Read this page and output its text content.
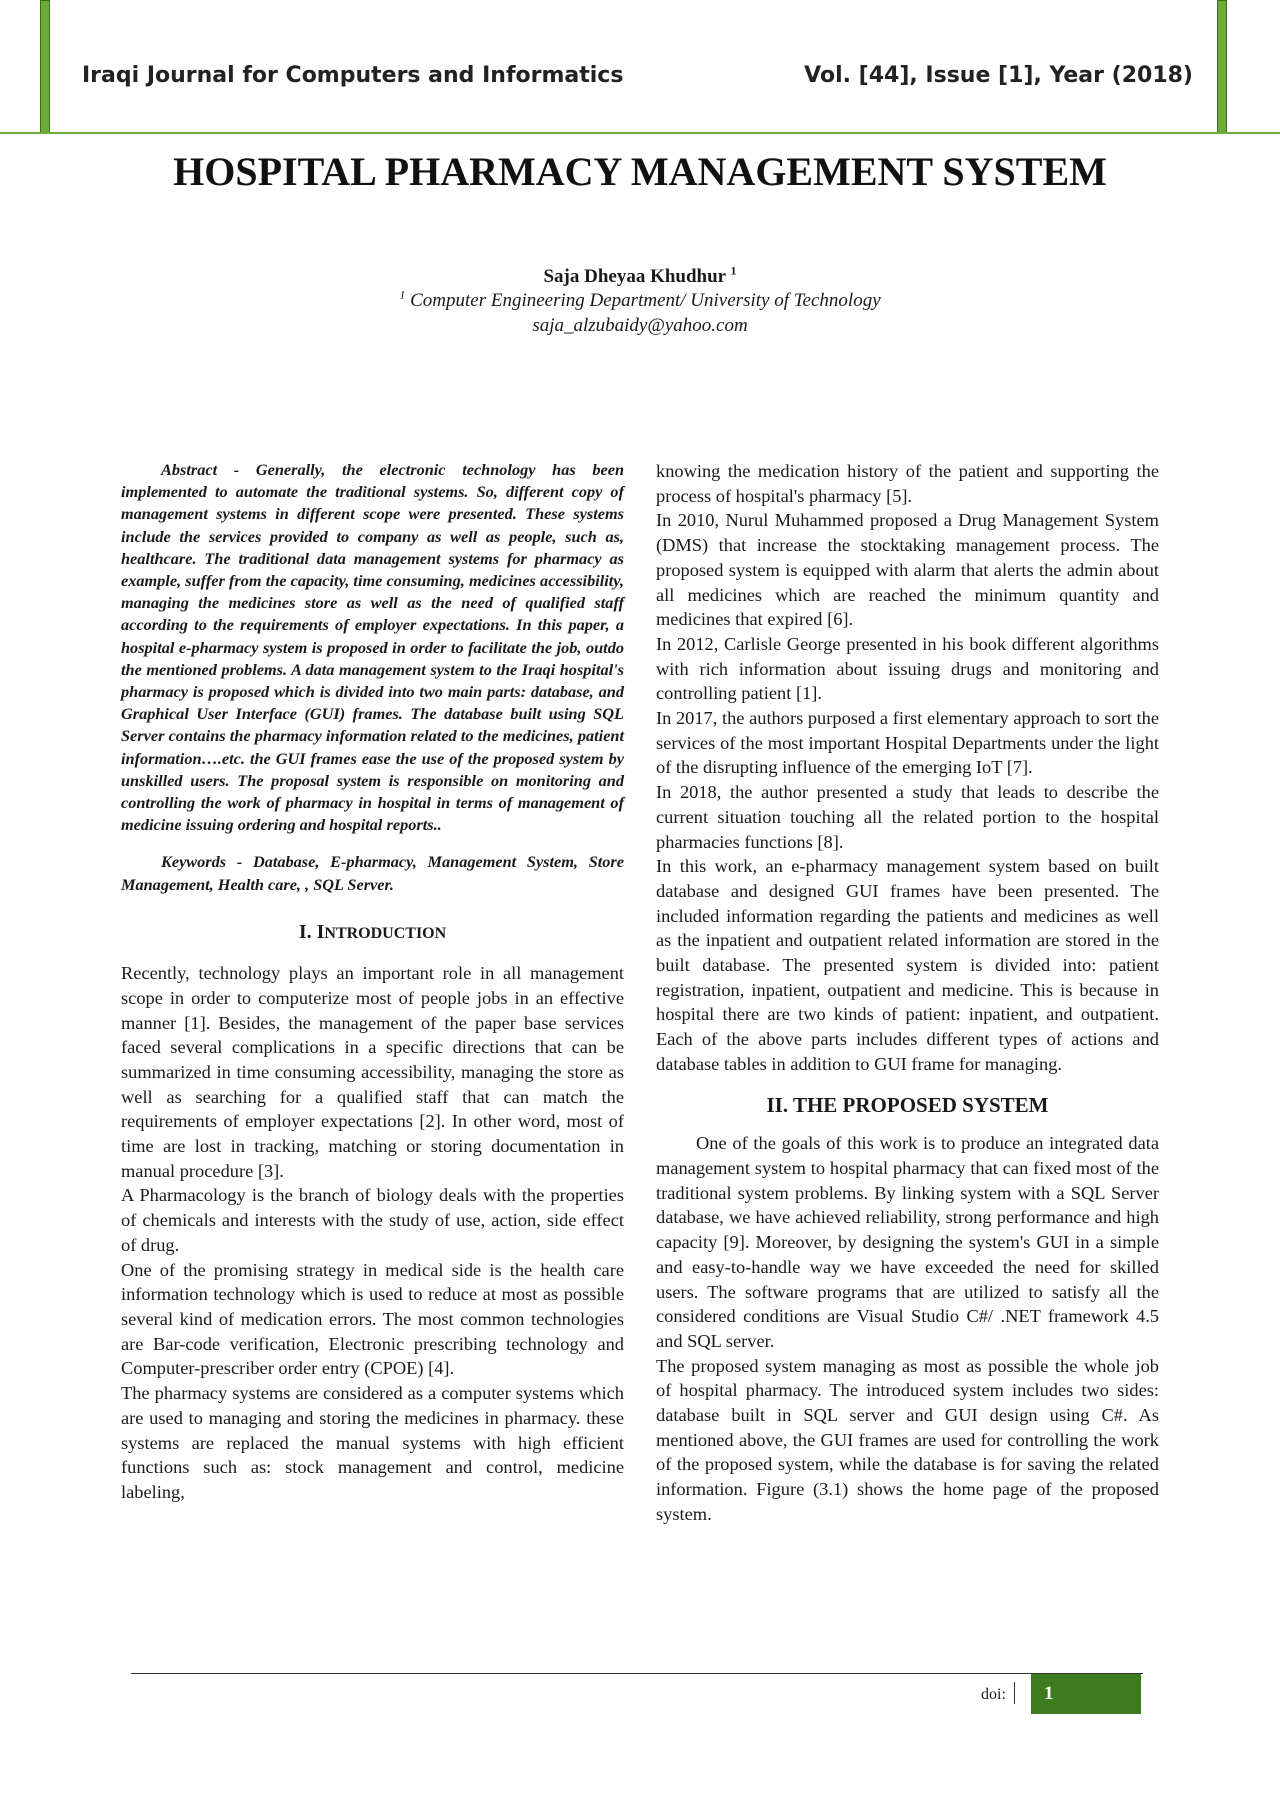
Iraqi Journal for Computers and Informatics	Vol. [44], Issue [1], Year (2018)
HOSPITAL PHARMACY MANAGEMENT SYSTEM
Saja Dheyaa Khudhur $^1$
$^1$ Computer Engineering Department/ University of Technology
saja_alzubaidy@yahoo.com

Abstract - Generally, the electronic technology has been implemented to automate the traditional systems. So, different copy of management systems in different scope were presented. These systems include the services provided to company as well as people, such as, healthcare. The traditional data management systems for pharmacy as example, suffer from the capacity, time consuming, medicines accessibility, managing the medicines store as well as the need of qualified staff according to the requirements of employer expectations. In this paper, a hospital e-pharmacy system is proposed in order to facilitate the job, outdo the mentioned problems. A data management system to the Iraqi hospital's pharmacy is proposed which is divided into two main parts: database, and Graphical User Interface (GUI) frames. The database built using SQL Server contains the pharmacy information related to the medicines, patient information….etc. the GUI frames ease the use of the proposed system by unskilled users. The proposal system is responsible on monitoring and controlling the work of pharmacy in hospital in terms of management of medicine issuing ordering and hospital reports..

Keywords - Database, E-pharmacy, Management System, Store Management, Health care, , SQL Server.

I. INTRODUCTION

Recently, technology plays an important role in all management scope in order to computerize most of people jobs in an effective manner [1]. Besides, the management of the paper base services faced several complications in a specific directions that can be summarized in time consuming accessibility, managing the store as well as searching for a qualified staff that can match the requirements of employer expectations [2]. In other word, most of time are lost in tracking, matching or storing documentation in manual procedure [3].

A Pharmacology is the branch of biology deals with the properties of chemicals and interests with the study of use, action, side effect of drug.

One of the promising strategy in medical side is the health care information technology which is used to reduce at most as possible several kind of medication errors. The most common technologies are Bar-code verification, Electronic prescribing technology and Computer-prescriber order entry (CPOE) [4].

The pharmacy systems are considered as a computer systems which are used to managing and storing the medicines in pharmacy. these systems are replaced the manual systems with high efficient functions such as: stock management and control, medicine labeling,

knowing the medication history of the patient and supporting the process of hospital's pharmacy [5].

In 2010, Nurul Muhammed proposed a Drug Management System (DMS) that increase the stocktaking management process. The proposed system is equipped with alarm that alerts the admin about all medicines which are reached the minimum quantity and medicines that expired [6].

In 2012, Carlisle George presented in his book different algorithms with rich information about issuing drugs and monitoring and controlling patient [1].

In 2017, the authors purposed a first elementary approach to sort the services of the most important Hospital Departments under the light of the disrupting influence of the emerging IoT [7].

In 2018, the author presented a study that leads to describe the current situation touching all the related portion to the hospital pharmacies functions [8].

In this work, an e-pharmacy management system based on built database and designed GUI frames have been presented. The included information regarding the patients and medicines as well as the inpatient and outpatient related information are stored in the built database. The presented system is divided into: patient registration, inpatient, outpatient and medicine. This is because in hospital there are two kinds of patient: inpatient, and outpatient. Each of the above parts includes different types of actions and database tables in addition to GUI frame for managing.

II. THE PROPOSED SYSTEM

One of the goals of this work is to produce an integrated data management system to hospital pharmacy that can fixed most of the traditional system problems. By linking system with a SQL Server database, we have achieved reliability, strong performance and high capacity [9]. Moreover, by designing the system's GUI in a simple and easy-to-handle way we have exceeded the need for skilled users. The software programs that are utilized to satisfy all the considered conditions are Visual Studio C#/ .NET framework 4.5 and SQL server.

The proposed system managing as most as possible the whole job of hospital pharmacy. The introduced system includes two sides: database built in SQL server and GUI design using C#. As mentioned above, the GUI frames are used for controlling the work of the proposed system, while the database is for saving the related information. Figure (3.1) shows the home page of the proposed system.

doi:	1
